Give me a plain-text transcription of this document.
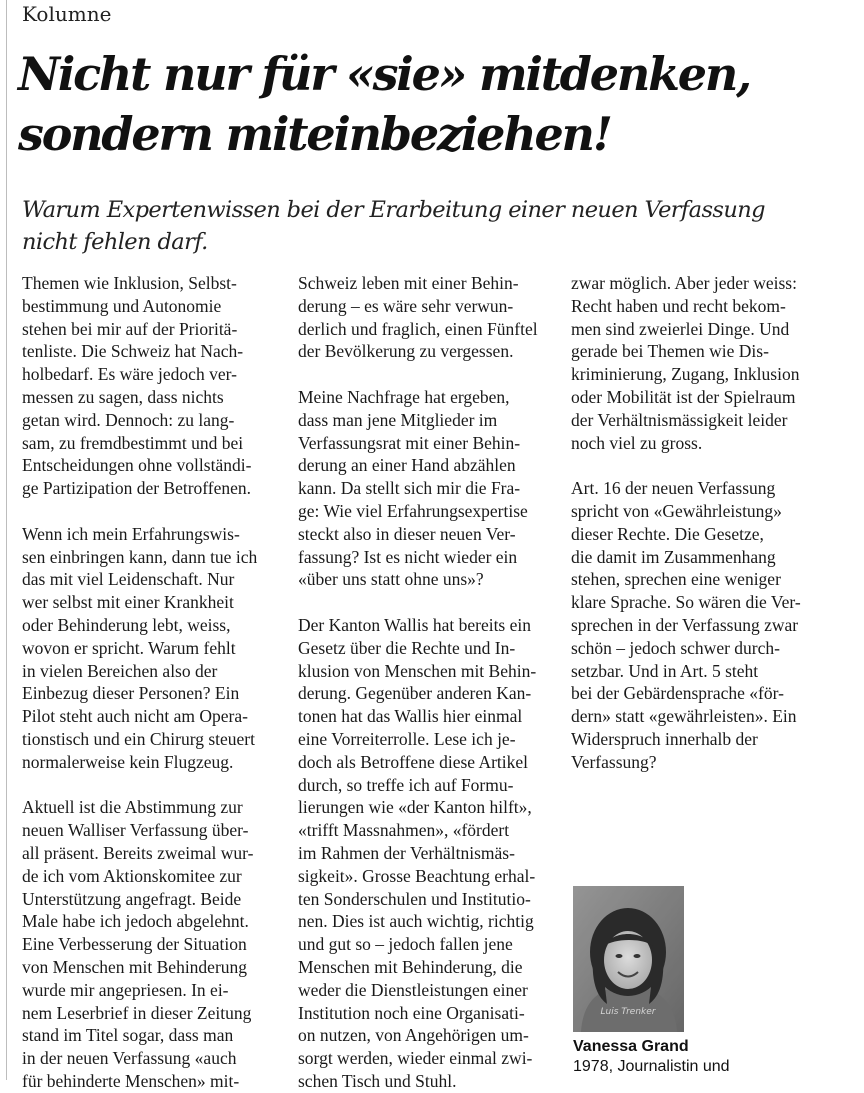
Kolumne
Nicht nur für «sie» mitdenken,
sondern miteinbeziehen!

Warum Expertenwissen bei der Erarbeitung einer neuen Verfassung
nicht fehlen darf.

Themen wie Inklusion, Selbst-
bestimmung und Autonomie
stehen bei mir auf der Prioritä-
tenliste. Die Schweiz hat Nach-
holbedarf. Es wäre jedoch ver-
messen zu sagen, dass nichts
getan wird. Dennoch: zu lang-
sam, zu fremdbestimmt und bei
Entscheidungen ohne vollständi-
ge Partizipation der Betroffenen.

Wenn ich mein Erfahrungswis-
sen einbringen kann, dann tue ich
das mit viel Leidenschaft. Nur
wer selbst mit einer Krankheit
oder Behinderung lebt, weiss,
wovon er spricht. Warum fehlt
in vielen Bereichen also der
Einbezug dieser Personen? Ein
Pilot steht auch nicht am Opera-
tionstisch und ein Chirurg steuert
normalerweise kein Flugzeug.

Aktuell ist die Abstimmung zur
neuen Walliser Verfassung über-
all präsent. Bereits zweimal wur-
de ich vom Aktionskomitee zur
Unterstützung angefragt. Beide
Male habe ich jedoch abgelehnt.
Eine Verbesserung der Situation
von Menschen mit Behinderung
wurde mir angepriesen. In ei-
nem Leserbrief in dieser Zeitung
stand im Titel sogar, dass man
in der neuen Verfassung «auch
für behinderte Menschen» mit-

Schweiz leben mit einer Behin-
derung – es wäre sehr verwun-
derlich und fraglich, einen Fünftel
der Bevölkerung zu vergessen.

Meine Nachfrage hat ergeben,
dass man jene Mitglieder im
Verfassungsrat mit einer Behin-
derung an einer Hand abzählen
kann. Da stellt sich mir die Fra-
ge: Wie viel Erfahrungsexpertise
steckt also in dieser neuen Ver-
fassung? Ist es nicht wieder ein
«über uns statt ohne uns»?

Der Kanton Wallis hat bereits ein
Gesetz über die Rechte und In-
klusion von Menschen mit Behin-
derung. Gegenüber anderen Kan-
tonen hat das Wallis hier einmal
eine Vorreiterrolle. Lese ich je-
doch als Betroffene diese Artikel
durch, so treffe ich auf Formu-
lierungen wie «der Kanton hilft»,
«trifft Massnahmen», «fördert
im Rahmen der Verhältnismäs-
sigkeit». Grosse Beachtung erhal-
ten Sonderschulen und Institutio-
nen. Dies ist auch wichtig, richtig
und gut so – jedoch fallen jene
Menschen mit Behinderung, die
weder die Dienstleistungen einer
Institution noch eine Organisati-
on nutzen, von Angehörigen um-
sorgt werden, wieder einmal zwi-
schen Tisch und Stuhl.

zwar möglich. Aber jeder weiss:
Recht haben und recht bekom-
men sind zweierlei Dinge. Und
gerade bei Themen wie Dis-
kriminierung, Zugang, Inklusion
oder Mobilität ist der Spielraum
der Verhältnismässigkeit leider
noch viel zu gross.

Art. 16 der neuen Verfassung
spricht von «Gewährleistung»
dieser Rechte. Die Gesetze,
die damit im Zusammenhang
stehen, sprechen eine weniger
klare Sprache. So wären die Ver-
sprechen in der Verfassung zwar
schön – jedoch schwer durch-
setzbar. Und in Art. 5 steht
bei der Gebärdensprache «för-
dern» statt «gewährleisten». Ein
Widerspruch innerhalb der
Verfassung?

Luis Trenker
Vanessa Grand
1978, Journalistin und
